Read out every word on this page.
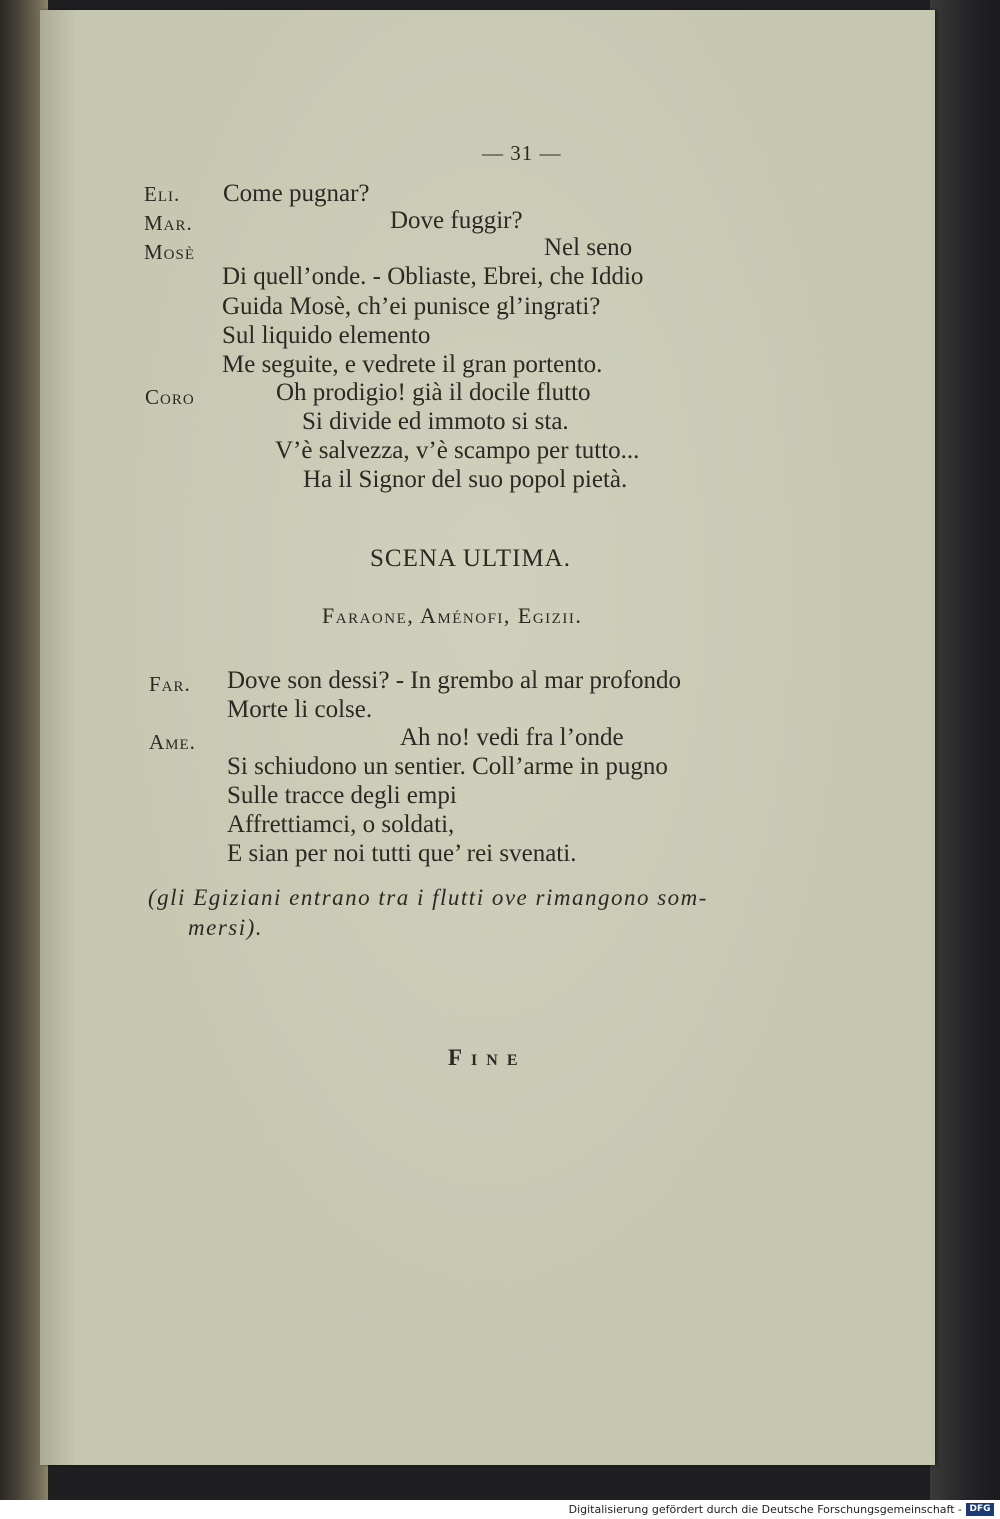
— 31 —
Eli. Come pugnar?
Mar.	Dove fuggir?
Mosè	Nel seno
Di quell’onde. - Obliaste, Ebrei, che Iddio
Guida Mosè, ch’ei punisce gl’ingrati?
Sul liquido elemento
Me seguite, e vedrete il gran portento.
Coro	Oh prodigio! già il docile flutto
Si divide ed immoto si sta.
V’è salvezza, v’è scampo per tutto...
Ha il Signor del suo popol pietà.
SCENA ULTIMA.
Faraone, Aménofi, Egizii.
Far. Dove son dessi? - In grembo al mar profondo
Morte li colse.
Ame.	Ah no! vedi fra l’onde
Si schiudono un sentier. Coll’arme in pugno
Sulle tracce degli empi
Affrettiamci, o soldati,
E sian per noi tutti que’ rei svenati.
(gli Egiziani entrano tra i flutti ove rimangono som-
mersi).
Fine
Digitalisierung gefördert durch die Deutsche Forschungsgemeinschaft - DFG
